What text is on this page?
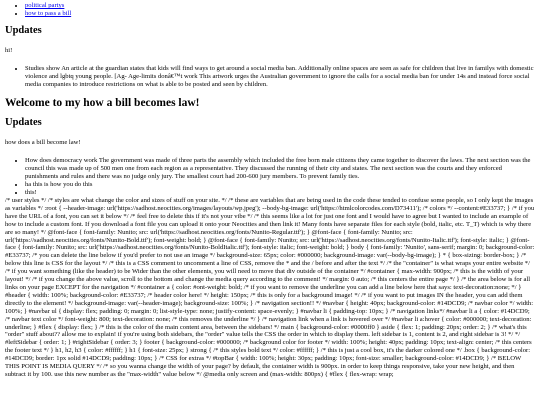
• political partys
• how to pass a bill
Updates

hi!

• Studies show An article at the guardian states that kids will find ways to get around a social media ban. Additionally online spaces are seen as safe for children that live in familys with domestic violence and lgbtq young people. [Ag- Age-limits donâ€™t work This artwork urges the Australian government to ignore the calls for a social media ban for under 14s and instead force social media companies to introduce restrictions on what is able to be posted and seen by children.
Welcome to my how a bill becomes law!
Updates

how does a bill become law!

• How does democracy work The government was made of three parts the assembly which included the free born male citizens they came together to discover the laws. The next section was the council this was made up of 500 men one from each region as a representative. They discussed the running of their city and states. The next section was the courts and they enforced punishments and rules and there was no judge only jury. The smallest court had 200-600 jury members. To prevent family ties.
• ha this is how you do this
• this!

/* user styles */ /* styles are what change the color and sizes of stuff on your site. */ /* these are variables that are being used in the code these tended to confuse some people, so I only kept the images as variables */ :root { --header-image: url('https://sadhost.neocities.org/images/layouts/wp.jpeg'); --body-bg-image: url('https://htmlcolorcodes.com/D73411'); /* colors */ --content:#E33737; } /* if you have the URL of a font, you can set it below */ /* feel free to delete this if it's not your vibe */ /* this seems like a lot for just one font and I would have to agree but I wanted to include an example of how to include a custom font. If you download a font file you can upload it onto your Neocities and then link it! Many fonts have separate files for each style (bold, italic, etc. T_T) which is why there are so many! */ @font-face { font-family: Nunito; src: url('https://sadhost.neocities.org/fonts/Nunito-Regular.ttf'); } @font-face { font-family: Nunito; src: url('https://sadhost.neocities.org/fonts/Nunito-Bold.ttf'); font-weight: bold; } @font-face { font-family: Nunito; src: url('https://sadhost.neocities.org/fonts/Nunito-Italic.ttf'); font-style: italic; } @font-face { font-family: Nunito; src: url('https://sadhost.neocities.org/fonts/Nunito-BoldItalic.ttf'); font-style: italic; font-weight: bold; } body { font-family: 'Nunito', sans-serif; margin: 0; background-color: #E33737; /* you can delete the line below if you'd prefer to not use an image */ background-size: 65px; color: #000000; background-image: var(--body-bg-image); } * { box-sizing: border-box; } /* below this line is CSS for the layout */ /* this is a CSS comment to uncomment a line of CSS, remove the * and the / before and after the text */ /* the "container" is what wraps your entire website */ /* if you want something (like the header) to be Wider than the other elements, you will need to move that div outside of the container */ #container { max-width: 900px; /* this is the width of your layout! */ /* if you change the above value, scroll to the bottom and change the media query according to the comment! */ margin: 0 auto; /* this centers the entire page */ } /* the area below is for all links on your page EXCEPT for the navigation */ #container a { color: #ont-weight: bold; /* if you want to remove the underline you can add a line below here that says: text-decoration:none; */ } #header { width: 100%; background-color: #E33737; /* header color here! */ height: 150px; /* this is only for a background image! */ /* if you want to put images IN the header, you can add them directly to the element! */ background-image: var(--header-image); background-size: 100%; } /* navigation section!! */ #navbar { height: 40px; background-color: #14DCD9; /* navbar color */ width: 100%; } #navbar ul { display: flex; padding: 0; margin: 0; list-style-type: none; justify-content: space-evenly; } #navbar li { padding-top: 10px; } /* navigation links*/ #navbar li a { color: #14DCD9; /* navbar text color */ font-weight: 800; text-decoration: none; /* this removes the underline */ } /* navigation link when a link is hovered over */ #navbar li a:hover { color: #000000; text-decoration: underline; } #flex { display: flex; } /* this is the color of the main content area, between the sidebars! */ main { background-color: #0000ff0 } aside { flex: 1; padding: 20px; order: 2; } /* what's this "order" stuff about?? allow me to explain! if you're using both sidebars, the "order" value tells the CSS the order in which to display them. left sidebar is 1, content is 2, and right sidebar is 3! */ */ #leftSidebar { order: 1; } #rightSidebar { order: 3; } footer { background-color: #000000; /* background color for footer */ width: 100%; height: 40px; padding: 10px; text-align: center; /* this centers the footer text */ } h1, h2, h3 { color: #ffffff; } h1 { font-size: 25px; } strong { /* this styles bold text */ color: #ffffff; } /* this is just a cool box, it's the darker colored one */ .box { background-color: #14DCD9; border: 1px solid #14DCD9; padding: 10px; } /* CSS for extras */ #topBar { width: 100%; height: 30px; padding: 10px; font-size: smaller; background-color: #14DCD9; } /* BELOW THIS POINT IS MEDIA QUERY */ /* so you wanna change the width of your page? by default, the container width is 900px. in order to keep things responsive, take your new height, and then subtract it by 100. use this new number as the "max-width" value below */ @media only screen and (max-width: 800px) { #flex { flex-wrap: wrap;
